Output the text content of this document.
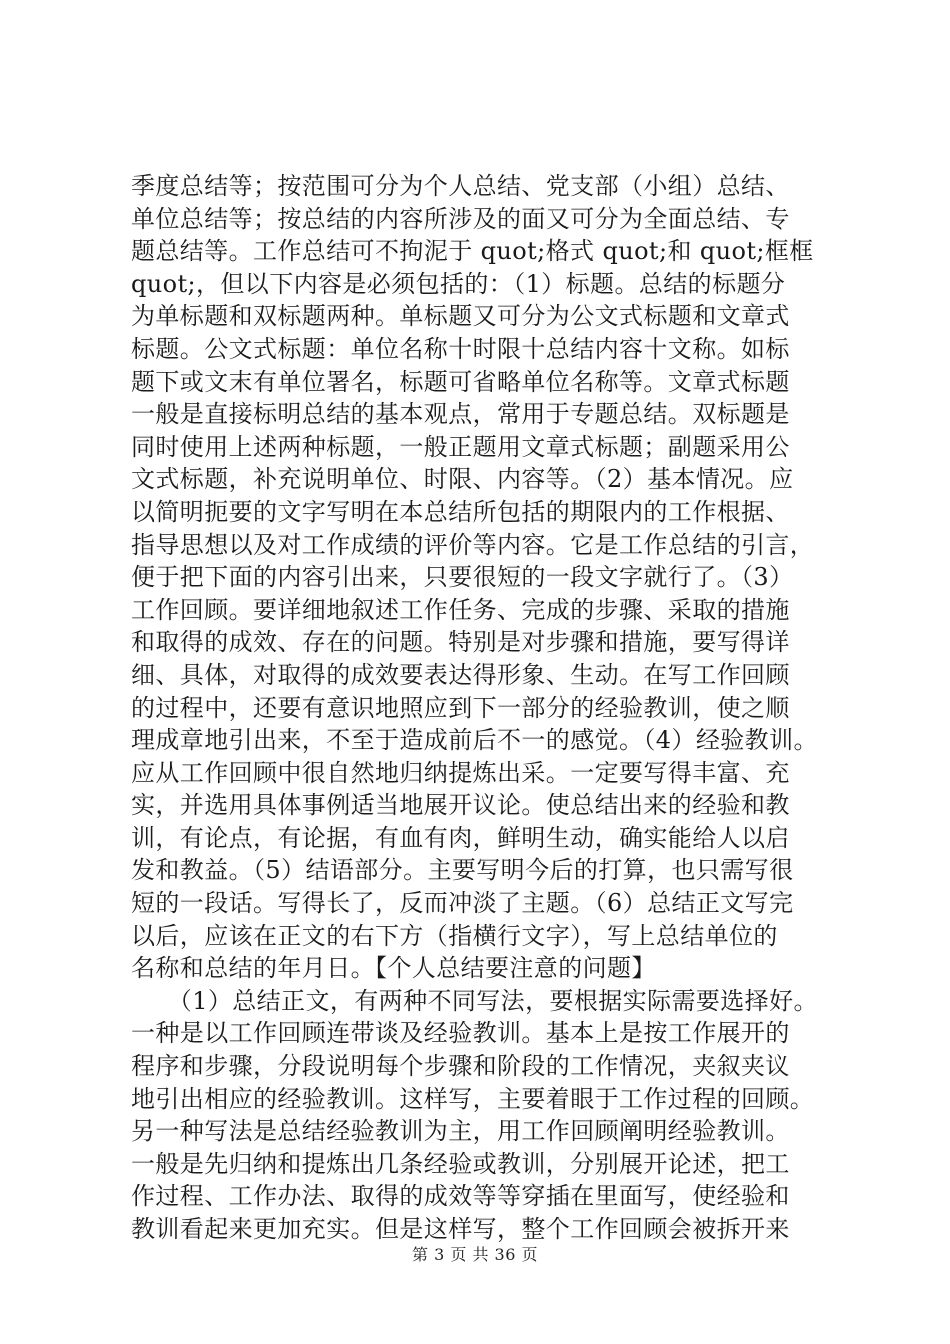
季度总结等；按范围可分为个人总结、党支部（小组）总结、
单位总结等；按总结的内容所涉及的面又可分为全面总结、专
题总结等。工作总结可不拘泥于 quot;格式 quot;和 quot;框框
quot;，但以下内容是必须包括的：（1）标题。总结的标题分
为单标题和双标题两种。单标题又可分为公文式标题和文章式
标题。公文式标题：单位名称十时限十总结内容十文称。如标
题下或文末有单位署名，标题可省略单位名称等。文章式标题
一般是直接标明总结的基本观点，常用于专题总结。双标题是
同时使用上述两种标题，一般正题用文章式标题；副题采用公
文式标题，补充说明单位、时限、内容等。（2）基本情况。应
以简明扼要的文字写明在本总结所包括的期限内的工作根据、
指导思想以及对工作成绩的评价等内容。它是工作总结的引言，
便于把下面的内容引出来，只要很短的一段文字就行了。（3）
工作回顾。要详细地叙述工作任务、完成的步骤、采取的措施
和取得的成效、存在的问题。特别是对步骤和措施，要写得详
细、具体，对取得的成效要表达得形象、生动。在写工作回顾
的过程中，还要有意识地照应到下一部分的经验教训，使之顺
理成章地引出来，不至于造成前后不一的感觉。（4）经验教训。
应从工作回顾中很自然地归纳提炼出采。一定要写得丰富、充
实，并选用具体事例适当地展开议论。使总结出来的经验和教
训，有论点，有论据，有血有肉，鲜明生动，确实能给人以启
发和教益。（5）结语部分。主要写明今后的打算，也只需写很
短的一段话。写得长了，反而冲淡了主题。（6）总结正文写完
以后，应该在正文的右下方（指横行文字），写上总结单位的
名称和总结的年月日。【个人总结要注意的问题】
　　（1）总结正文，有两种不同写法，要根据实际需要选择好。
一种是以工作回顾连带谈及经验教训。基本上是按工作展开的
程序和步骤，分段说明每个步骤和阶段的工作情况，夹叙夹议
地引出相应的经验教训。这样写，主要着眼于工作过程的回顾。
另一种写法是总结经验教训为主，用工作回顾阐明经验教训。
一般是先归纳和提炼出几条经验或教训，分别展开论述，把工
作过程、工作办法、取得的成效等等穿插在里面写，使经验和
教训看起来更加充实。但是这样写，整个工作回顾会被拆开来
第 3 页 共 36 页
